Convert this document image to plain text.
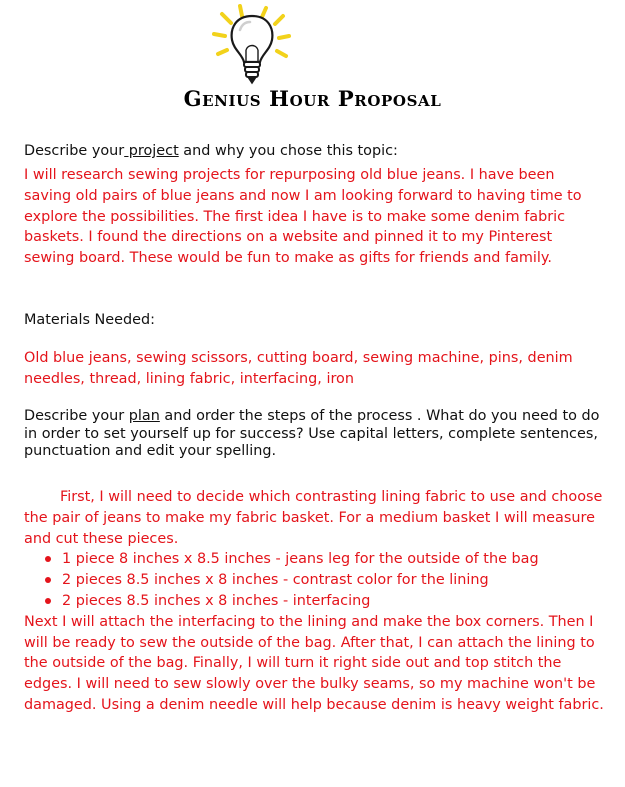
Genius Hour Proposal
Describe your project and why you chose this topic:
I will research sewing projects for repurposing old blue jeans. I have been saving old pairs of blue jeans and now I am looking forward to having time to explore the possibilities. The first idea I have is to make some denim fabric baskets. I found the directions on a website and pinned it to my Pinterest sewing board. These would be fun to make as gifts for friends and family.
Materials Needed:
Old blue jeans, sewing scissors, cutting board, sewing machine, pins, denim needles, thread, lining fabric, interfacing, iron
Describe your plan and order the steps of the process . What do you need to do in order to set yourself up for success? Use capital letters, complete sentences, punctuation and edit your spelling.
First, I will need to decide which contrasting lining fabric to use and choose the pair of jeans to make my fabric basket. For a medium basket I will measure and cut these pieces.
1 piece 8 inches x 8.5 inches - jeans leg for the outside of the bag
2 pieces 8.5 inches x 8 inches - contrast color for the lining
2 pieces 8.5 inches x 8 inches - interfacing
Next I will attach the interfacing to the lining and make the box corners. Then I will be ready to sew the outside of the bag. After that, I can attach the lining to the outside of the bag. Finally, I will turn it right side out and top stitch the edges. I will need to sew slowly over the bulky seams, so my machine won't be damaged. Using a denim needle will help because denim is heavy weight fabric.
